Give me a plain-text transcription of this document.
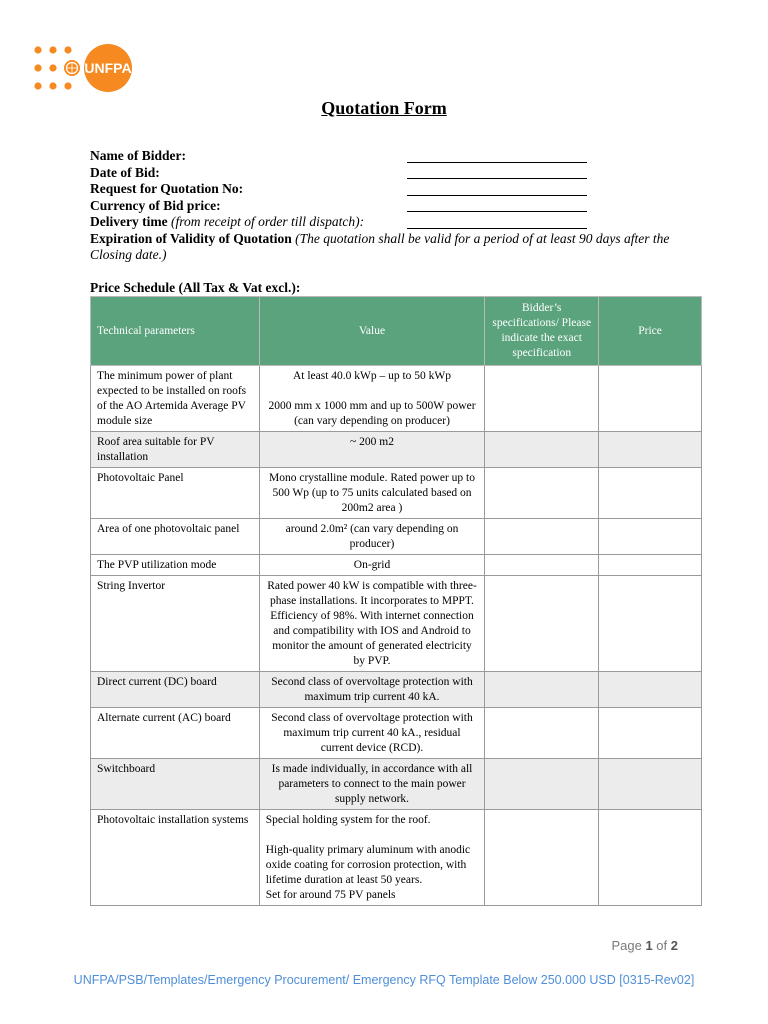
UNFPA
Quotation Form
Name of Bidder:
Date of Bid:
Request for Quotation No:
Currency of Bid price:
Delivery time (from receipt of order till dispatch):
Expiration of Validity of Quotation (The quotation shall be valid for a period of at least 90 days after the Closing date.)
Price Schedule (All Tax & Vat excl.):
Technical parameters	Value	Bidder’s specifications/ Please indicate the exact specification	Price
The minimum power of plant expected to be installed on roofs of the AO Artemida Average PV module size	At least 40.0 kWp – up to 50 kWp
2000 mm x 1000 mm and up to 500W power (can vary depending on producer)		

Roof area suitable for PV installation	~ 200 m2		

Photovoltaic Panel	Mono crystalline module. Rated power up to 500 Wp (up to 75 units calculated based on 200m2 area )		

Area of one photovoltaic panel	around 2.0m² (can vary depending on producer)		

The PVP utilization mode	On-grid		

String Invertor	Rated power 40 kW is compatible with three-phase installations. It incorporates to MPPT. Efficiency of 98%. With internet connection and compatibility with IOS and Android to monitor the amount of generated electricity by PVP.		

Direct current (DC) board	Second class of overvoltage protection with maximum trip current 40 kA.		

Alternate current (AC) board	Second class of overvoltage protection with maximum trip current 40 kA., residual current device (RCD).		

Switchboard	Is made individually, in accordance with all parameters to connect to the main power supply network.		

Photovoltaic installation systems	Special holding system for the roof.
High-quality primary aluminum with anodic oxide coating for corrosion protection, with lifetime duration at least 50 years.
Set for around 75 PV panels		

Page 1 of 2
UNFPA/PSB/Templates/Emergency Procurement/ Emergency RFQ Template Below 250.000 USD [0315-Rev02]
